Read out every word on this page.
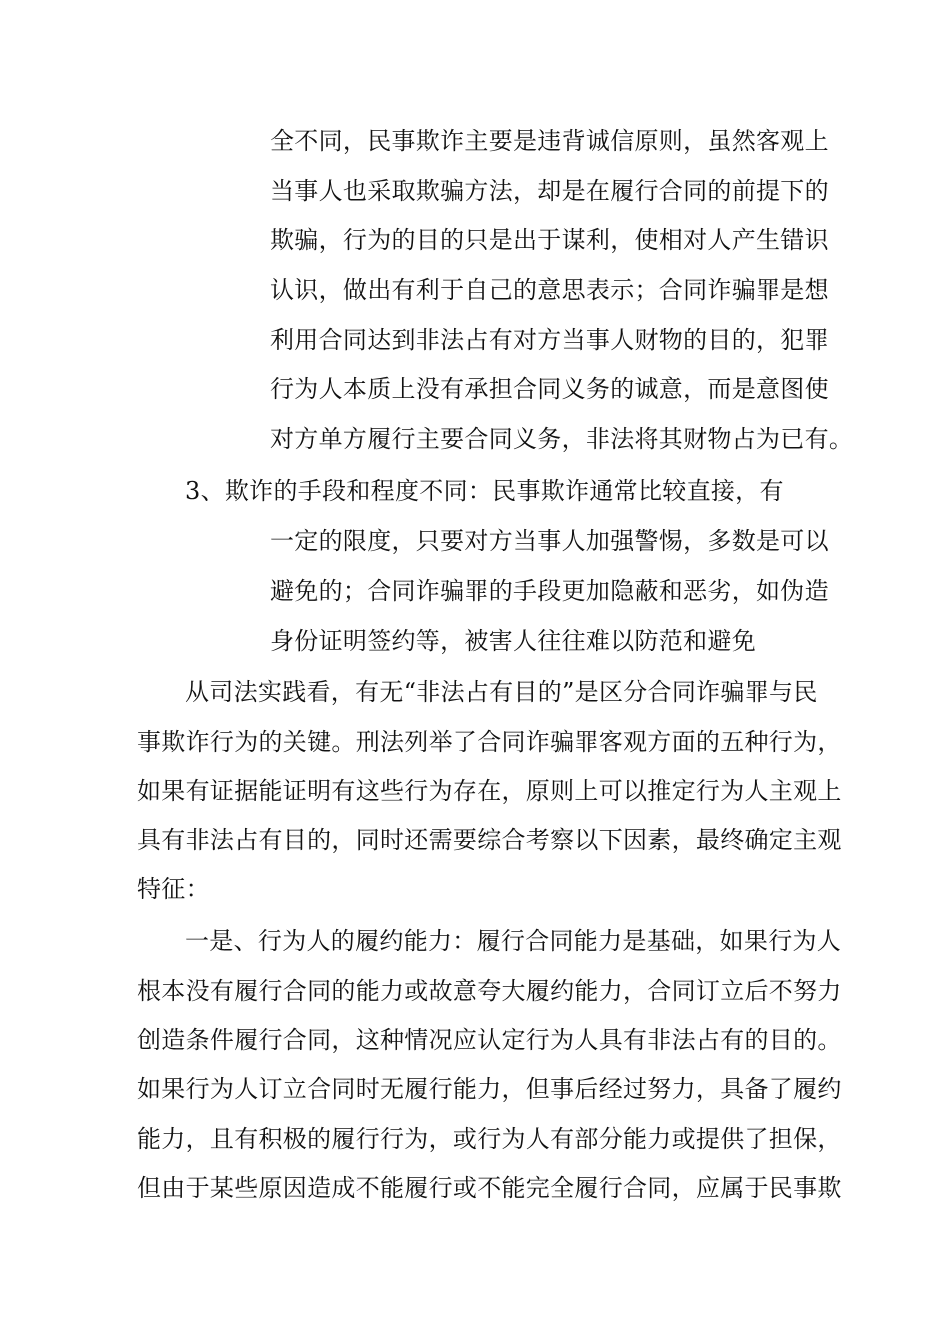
全不同，民事欺诈主要是违背诚信原则，虽然客观上
当事人也采取欺骗方法，却是在履行合同的前提下的
欺骗，行为的目的只是出于谋利，使相对人产生错识
认识，做出有利于自己的意思表示；合同诈骗罪是想
利用合同达到非法占有对方当事人财物的目的，犯罪
行为人本质上没有承担合同义务的诚意，而是意图使
对方单方履行主要合同义务，非法将其财物占为已有。
3、欺诈的手段和程度不同：民事欺诈通常比较直接，有
一定的限度，只要对方当事人加强警惕，多数是可以
避免的；合同诈骗罪的手段更加隐蔽和恶劣，如伪造
身份证明签约等，被害人往往难以防范和避免
从司法实践看，有无“非法占有目的”是区分合同诈骗罪与民
事欺诈行为的关键。刑法列举了合同诈骗罪客观方面的五种行为，
如果有证据能证明有这些行为存在，原则上可以推定行为人主观上
具有非法占有目的，同时还需要综合考察以下因素，最终确定主观
特征：
一是、行为人的履约能力：履行合同能力是基础，如果行为人
根本没有履行合同的能力或故意夸大履约能力，合同订立后不努力
创造条件履行合同，这种情况应认定行为人具有非法占有的目的。
如果行为人订立合同时无履行能力，但事后经过努力，具备了履约
能力，且有积极的履行行为，或行为人有部分能力或提供了担保，
但由于某些原因造成不能履行或不能完全履行合同，应属于民事欺
